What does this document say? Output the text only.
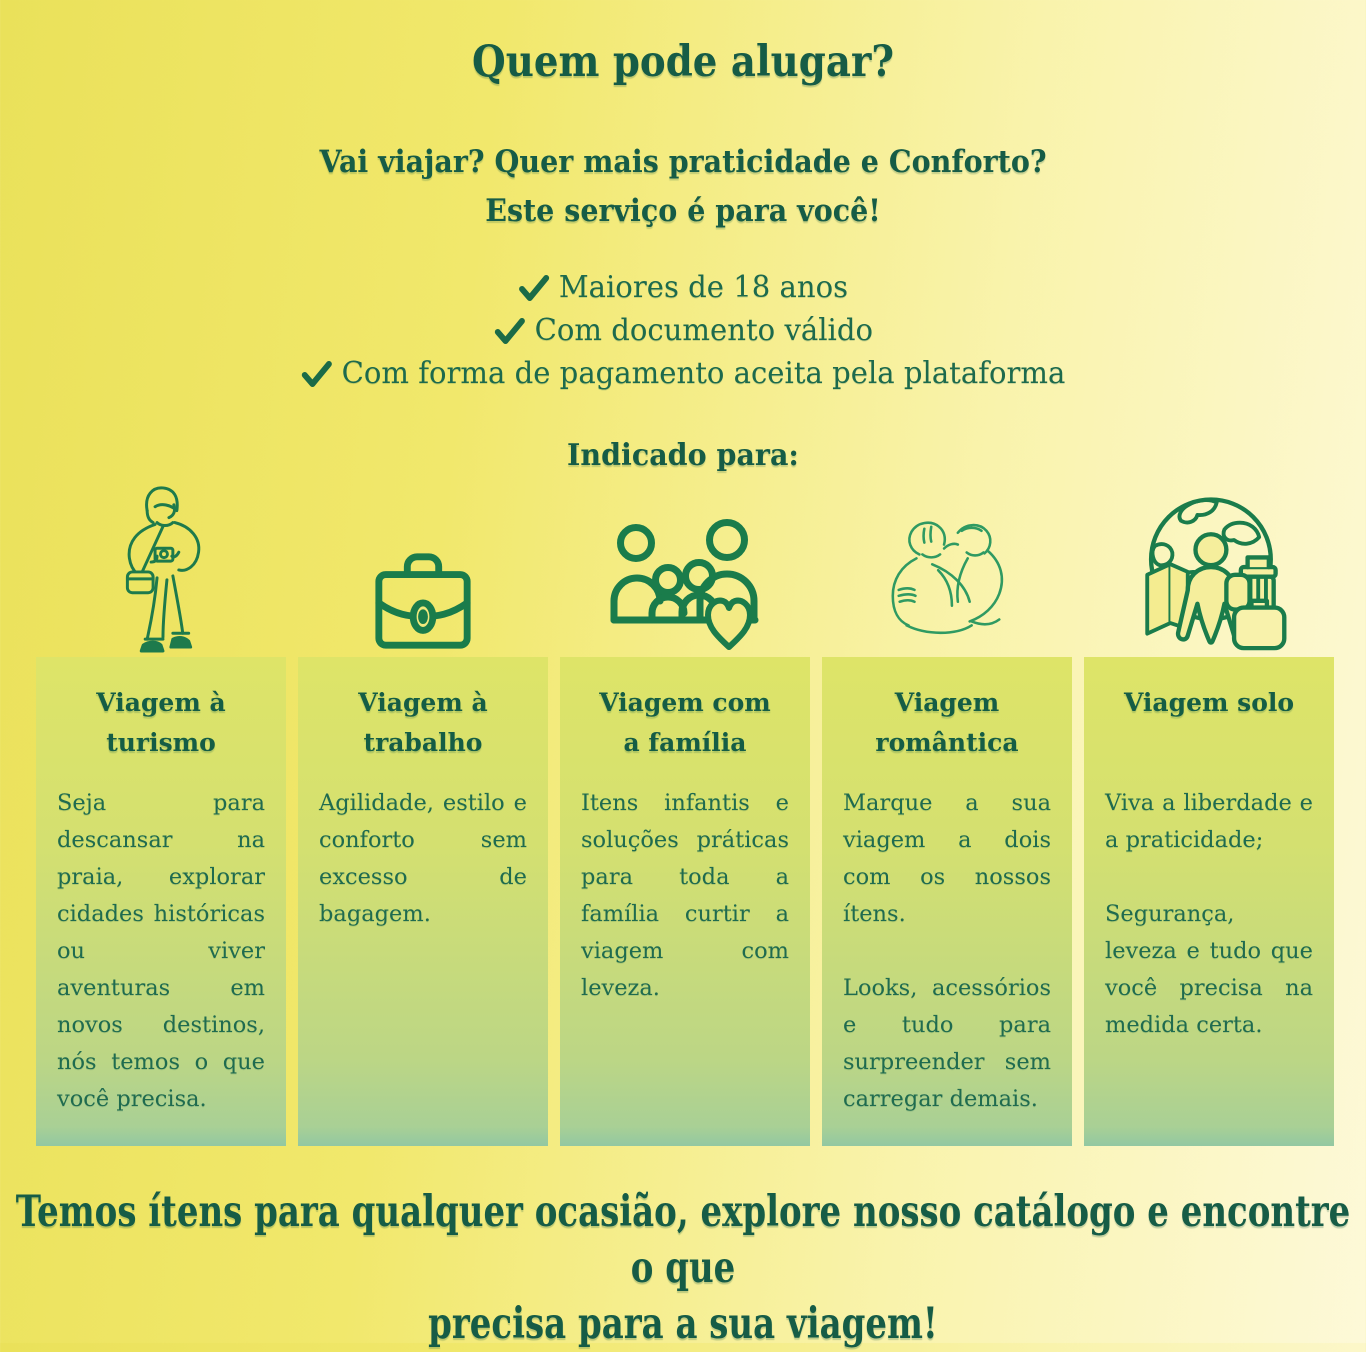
Quem pode alugar?
Vai viajar? Quer mais praticidade e Conforto?
Este serviço é para você!
Maiores de 18 anos
Com documento válido
Com forma de pagamento aceita pela plataforma
Indicado para:
Viagem à turismo

Seja para descansar na praia, explorar cidades históricas ou viver aventuras em novos destinos, nós temos o que você precisa.

Viagem à trabalho

Agilidade, estilo e conforto sem excesso de bagagem.

Viagem com a família

Itens infantis e soluções práticas para toda a família curtir a viagem com leveza.

Viagem romântica

Marque a sua viagem a dois com os nossos ítens.

Looks, acessórios e tudo para surpreender sem carregar demais.

Viagem solo

Viva a liberdade e a praticidade;

Segurança, leveza e tudo que você precisa na medida certa.

Temos ítens para qualquer ocasião, explore nosso catálogo e encontre o que
precisa para a sua viagem!
